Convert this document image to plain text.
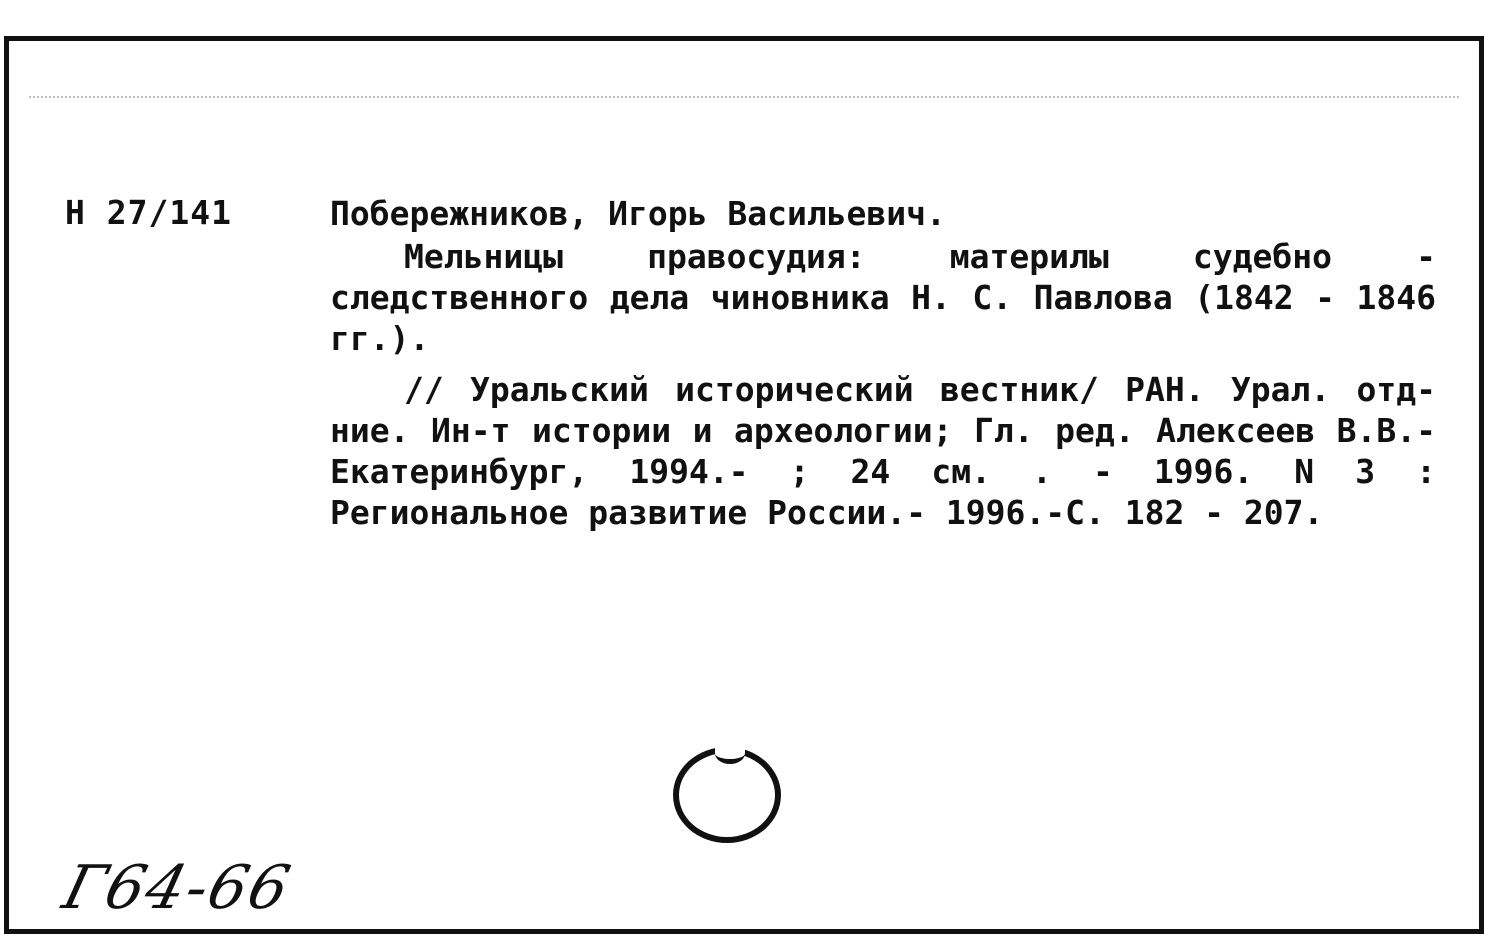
Н 27/141	Побережников, Игорь Васильевич.
Мельницы правосудия: материлы судебно - следственного дела чиновника Н. С. Павлова (1842 - 1846 гг.).
// Уральский исторический вестник/ РАН. Урал. отд-ние. Ин-т истории и археологии; Гл. ред. Алексеев В.В.- Екатеринбург, 1994.- ; 24 см. . - 1996. N 3 : Региональное развитие России.- 1996.-С. 182 - 207.
Г64-66
